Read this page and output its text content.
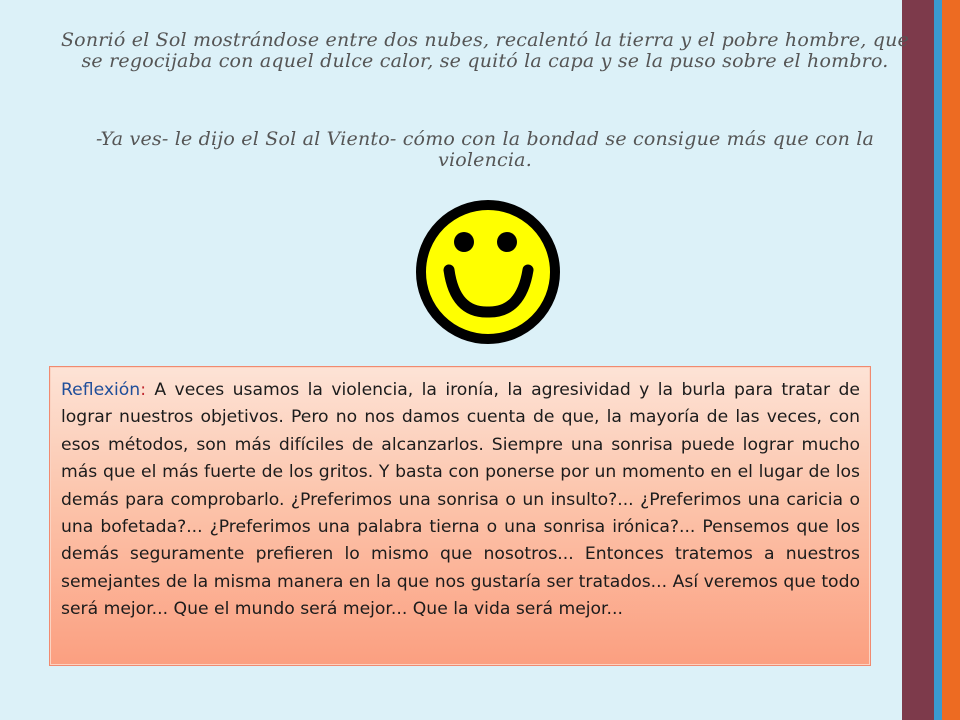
Sonrió el Sol mostrándose entre dos nubes, recalentó la tierra y el pobre hombre, que se regocijaba con aquel dulce calor, se quitó la capa y se la puso sobre el hombro.

-Ya ves- le dijo el Sol al Viento- cómo con la bondad se consigue más que con la violencia.

Reflexión: A veces usamos la violencia, la ironía, la agresividad y la burla para tratar de lograr nuestros objetivos. Pero no nos damos cuenta de que, la mayoría de las veces, con esos métodos, son más difíciles de alcanzarlos. Siempre una sonrisa puede lograr mucho más que el más fuerte de los gritos. Y basta con ponerse por un momento en el lugar de los demás para comprobarlo. ¿Preferimos una sonrisa o un insulto?... ¿Preferimos una caricia o una bofetada?... ¿Preferimos una palabra tierna o una sonrisa irónica?... Pensemos que los demás seguramente prefieren lo mismo que nosotros... Entonces tratemos a nuestros semejantes de la misma manera en la que nos gustaría ser tratados... Así veremos que todo será mejor... Que el mundo será mejor... Que la vida será mejor...
